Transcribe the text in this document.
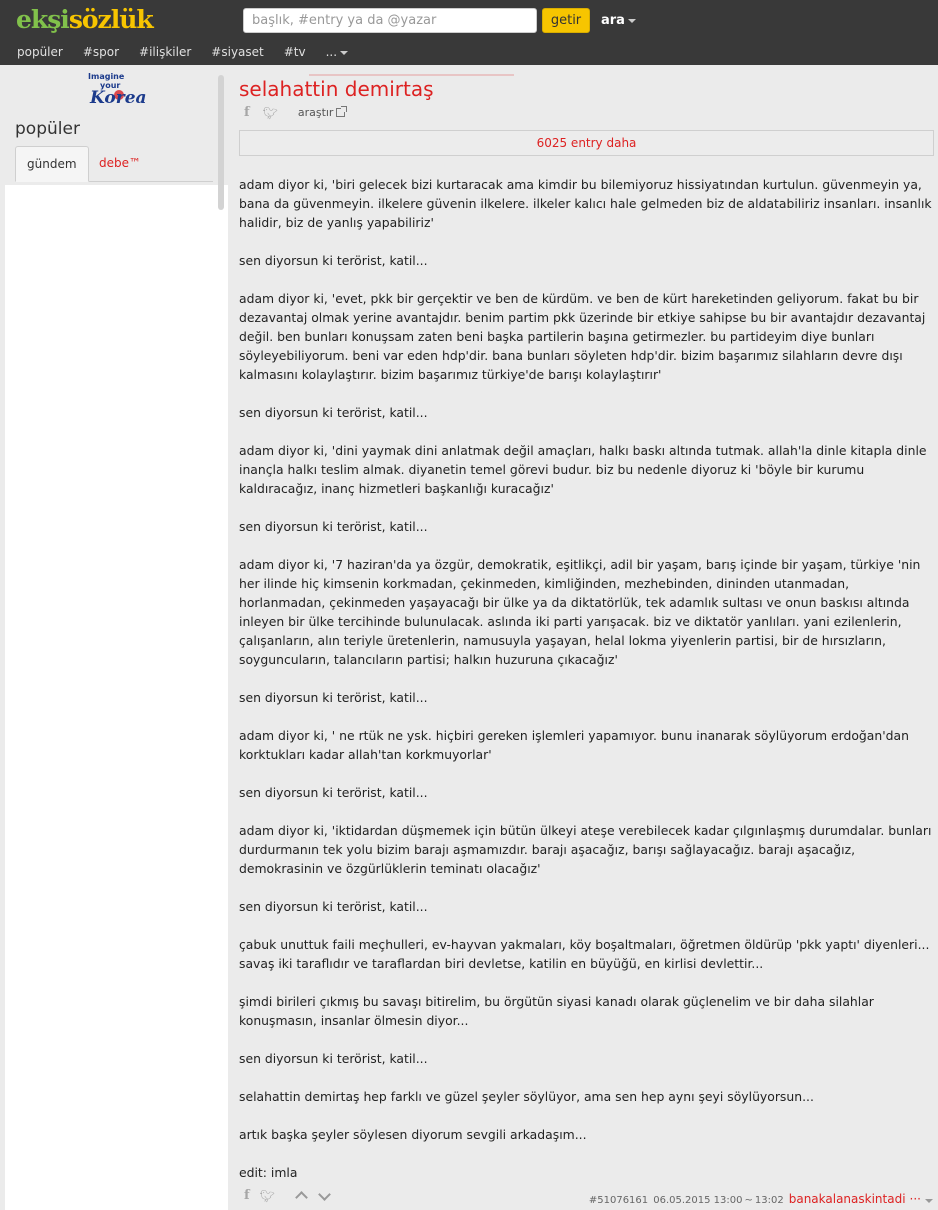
ekşisözlük
başlık, #entry ya da @yazar	getir	ara
popüler #spor #ilişkiler #siyaset #tv ...
Imagine
your
Korea
popüler
gündem	debe™
selahattin demirtaş
f 🐦︎ araştır
6025 entry daha
adam diyor ki, 'biri gelecek bizi kurtaracak ama kimdir bu bilemiyoruz hissiyatından kurtulun. güvenmeyin ya, bana da güvenmeyin. ilkelere güvenin ilkelere. ilkeler kalıcı hale gelmeden biz de aldatabiliriz insanları. insanlık halidir, biz de yanlış yapabiliriz'
sen diyorsun ki terörist, katil...
adam diyor ki, 'evet, pkk bir gerçektir ve ben de kürdüm. ve ben de kürt hareketinden geliyorum. fakat bu bir dezavantaj olmak yerine avantajdır. benim partim pkk üzerinde bir etkiye sahipse bu bir avantajdır dezavantaj değil. ben bunları konuşsam zaten beni başka partilerin başına getirmezler. bu partideyim diye bunları söyleyebiliyorum. beni var eden hdp'dir. bana bunları söyleten hdp'dir. bizim başarımız silahların devre dışı kalmasını kolaylaştırır. bizim başarımız türkiye'de barışı kolaylaştırır'
sen diyorsun ki terörist, katil...
adam diyor ki, 'dini yaymak dini anlatmak değil amaçları, halkı baskı altında tutmak. allah'la dinle kitapla dinle inançla halkı teslim almak. diyanetin temel görevi budur. biz bu nedenle diyoruz ki 'böyle bir kurumu kaldıracağız, inanç hizmetleri başkanlığı kuracağız'
sen diyorsun ki terörist, katil...
adam diyor ki, '7 haziran'da ya özgür, demokratik, eşitlikçi, adil bir yaşam, barış içinde bir yaşam, türkiye 'nin her ilinde hiç kimsenin korkmadan, çekinmeden, kimliğinden, mezhebinden, dininden utanmadan, horlanmadan, çekinmeden yaşayacağı bir ülke ya da diktatörlük, tek adamlık sultası ve onun baskısı altında inleyen bir ülke tercihinde bulunulacak. aslında iki parti yarışacak. biz ve diktatör yanlıları. yani ezilenlerin, çalışanların, alın teriyle üretenlerin, namusuyla yaşayan, helal lokma yiyenlerin partisi, bir de hırsızların, soyguncuların, talancıların partisi; halkın huzuruna çıkacağız'
sen diyorsun ki terörist, katil...
adam diyor ki, ' ne rtük ne ysk. hiçbiri gereken işlemleri yapamıyor. bunu inanarak söylüyorum erdoğan'dan korktukları kadar allah'tan korkmuyorlar'
sen diyorsun ki terörist, katil...
adam diyor ki, 'iktidardan düşmemek için bütün ülkeyi ateşe verebilecek kadar çılgınlaşmış durumdalar. bunları durdurmanın tek yolu bizim barajı aşmamızdır. barajı aşacağız, barışı sağlayacağız. barajı aşacağız, demokrasinin ve özgürlüklerin teminatı olacağız'
sen diyorsun ki terörist, katil...
çabuk unuttuk faili meçhulleri, ev-hayvan yakmaları, köy boşaltmaları, öğretmen öldürüp 'pkk yaptı' diyenleri... savaş iki taraflıdır ve taraflardan biri devletse, katilin en büyüğü, en kirlisi devlettir...
şimdi birileri çıkmış bu savaşı bitirelim, bu örgütün siyasi kanadı olarak güçlenelim ve bir daha silahlar konuşmasın, insanlar ölmesin diyor...
sen diyorsun ki terörist, katil...
selahattin demirtaş hep farklı ve güzel şeyler söylüyor, ama sen hep aynı şeyi söylüyorsun...
artık başka şeyler söylesen diyorum sevgili arkadaşım...
edit: imla
f 🐦︎	#51076161
06.05.2015 13:00 ~ 13:02 banakalanaskintadi ···
